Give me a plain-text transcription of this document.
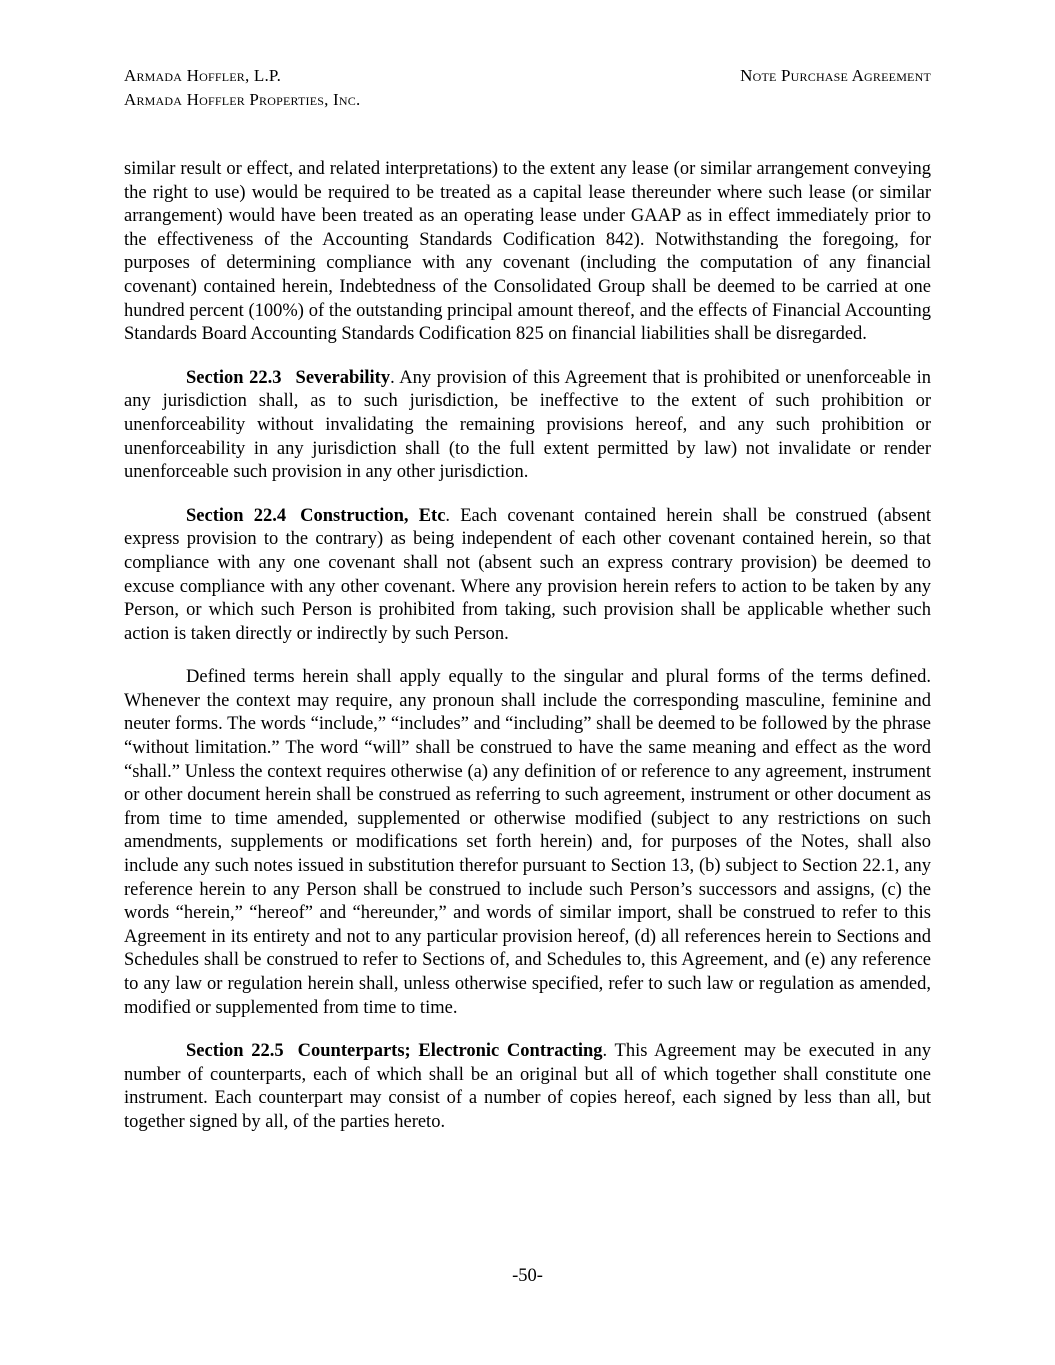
Armada Hoffler, L.P.
Armada Hoffler Properties, Inc.
Note Purchase Agreement

similar result or effect, and related interpretations) to the extent any lease (or similar arrangement conveying the right to use) would be required to be treated as a capital lease thereunder where such lease (or similar arrangement) would have been treated as an operating lease under GAAP as in effect immediately prior to the effectiveness of the Accounting Standards Codification 842). Notwithstanding the foregoing, for purposes of determining compliance with any covenant (including the computation of any financial covenant) contained herein, Indebtedness of the Consolidated Group shall be deemed to be carried at one hundred percent (100%) of the outstanding principal amount thereof, and the effects of Financial Accounting Standards Board Accounting Standards Codification 825 on financial liabilities shall be disregarded.

Section 22.3 Severability. Any provision of this Agreement that is prohibited or unenforceable in any jurisdiction shall, as to such jurisdiction, be ineffective to the extent of such prohibition or unenforceability without invalidating the remaining provisions hereof, and any such prohibition or unenforceability in any jurisdiction shall (to the full extent permitted by law) not invalidate or render unenforceable such provision in any other jurisdiction.

Section 22.4 Construction, Etc. Each covenant contained herein shall be construed (absent express provision to the contrary) as being independent of each other covenant contained herein, so that compliance with any one covenant shall not (absent such an express contrary provision) be deemed to excuse compliance with any other covenant. Where any provision herein refers to action to be taken by any Person, or which such Person is prohibited from taking, such provision shall be applicable whether such action is taken directly or indirectly by such Person.

Defined terms herein shall apply equally to the singular and plural forms of the terms defined. Whenever the context may require, any pronoun shall include the corresponding masculine, feminine and neuter forms. The words “include,” “includes” and “including” shall be deemed to be followed by the phrase “without limitation.” The word “will” shall be construed to have the same meaning and effect as the word “shall.” Unless the context requires otherwise (a) any definition of or reference to any agreement, instrument or other document herein shall be construed as referring to such agreement, instrument or other document as from time to time amended, supplemented or otherwise modified (subject to any restrictions on such amendments, supplements or modifications set forth herein) and, for purposes of the Notes, shall also include any such notes issued in substitution therefor pursuant to Section 13, (b) subject to Section 22.1, any reference herein to any Person shall be construed to include such Person’s successors and assigns, (c) the words “herein,” “hereof” and “hereunder,” and words of similar import, shall be construed to refer to this Agreement in its entirety and not to any particular provision hereof, (d) all references herein to Sections and Schedules shall be construed to refer to Sections of, and Schedules to, this Agreement, and (e) any reference to any law or regulation herein shall, unless otherwise specified, refer to such law or regulation as amended, modified or supplemented from time to time.

Section 22.5 Counterparts; Electronic Contracting. This Agreement may be executed in any number of counterparts, each of which shall be an original but all of which together shall constitute one instrument. Each counterpart may consist of a number of copies hereof, each signed by less than all, but together signed by all, of the parties hereto.

-50-
